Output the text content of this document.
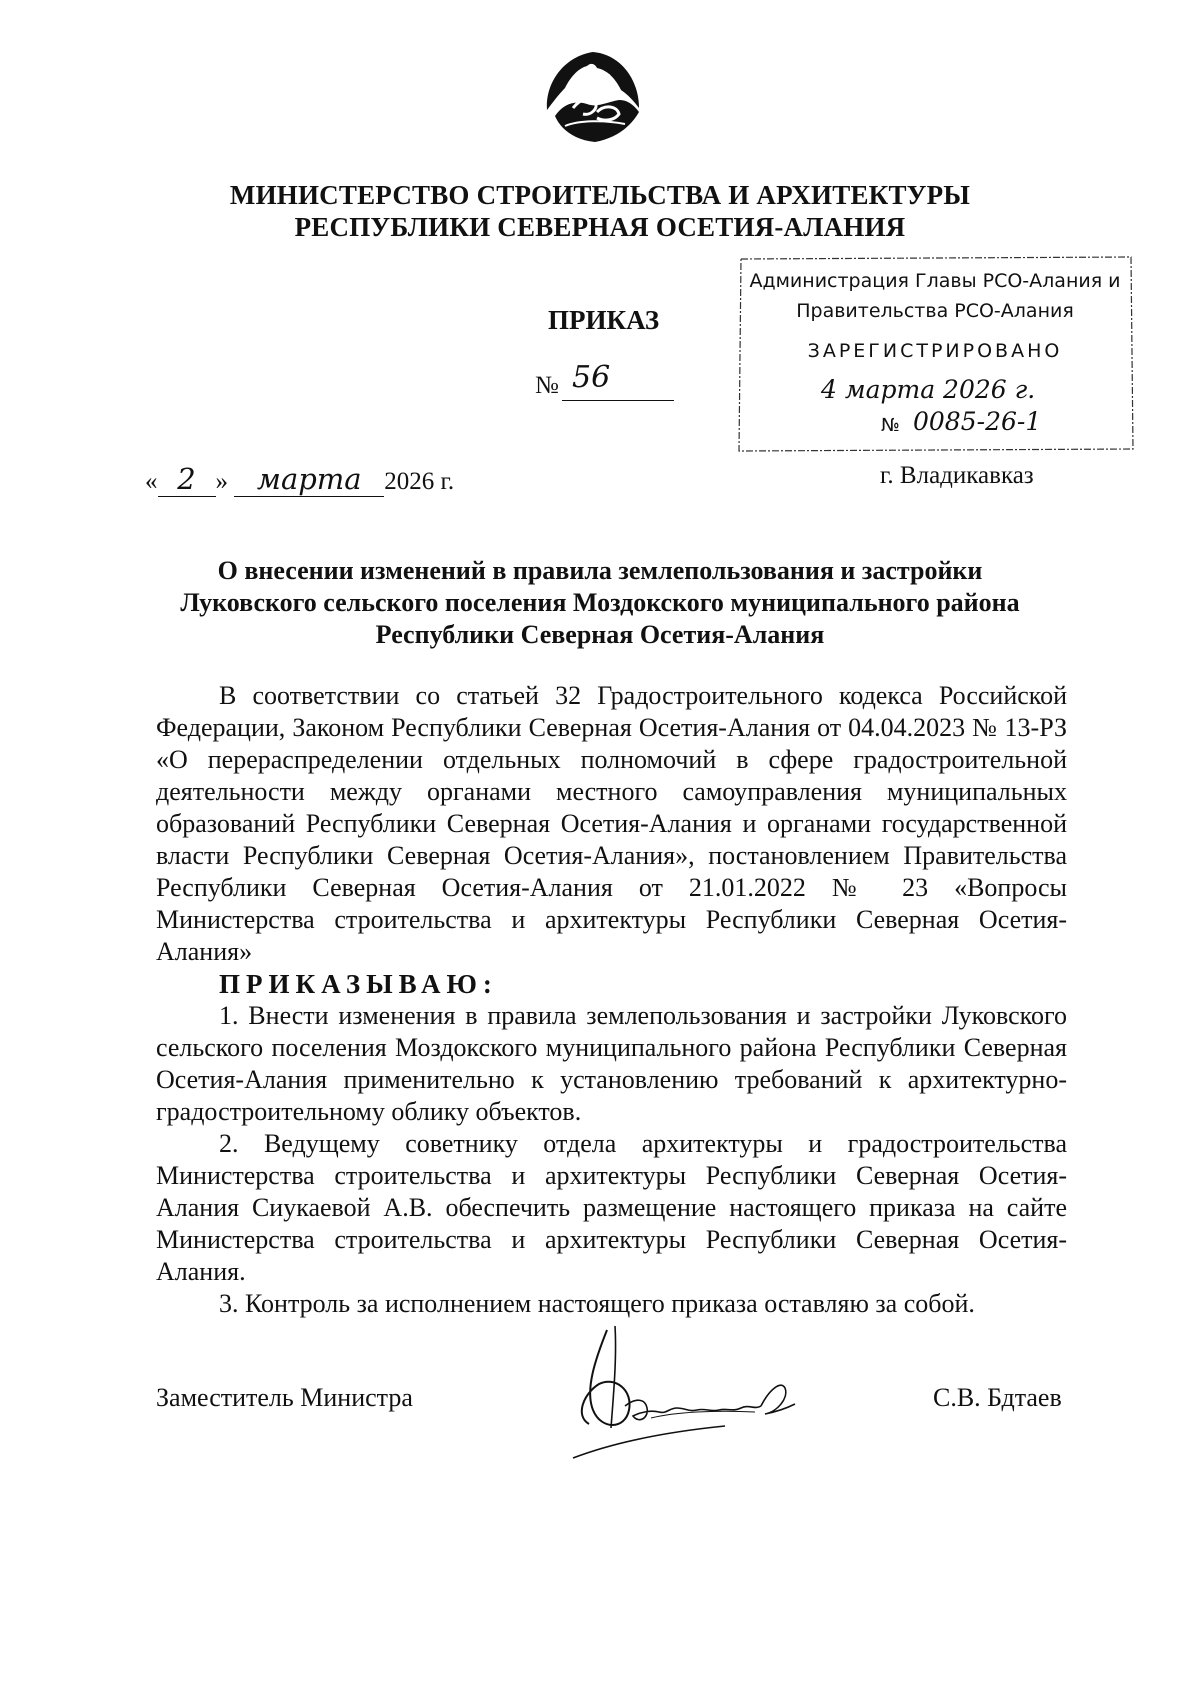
МИНИСТЕРСТВО СТРОИТЕЛЬСТВА И АРХИТЕКТУРЫ
РЕСПУБЛИКИ СЕВЕРНАЯ ОСЕТИЯ-АЛАНИЯ
Администрация Главы РСО-Алания и
Правительства РСО-Алания
ЗАРЕГИСТРИРОВАНО
4 марта 2026 г.
№ 0085-26-1
ПРИКАЗ
№ 56
« 2 » марта 2026 г.	г. Владикавказ
О внесении изменений в правила землепользования и застройки
Луковского сельского поселения Моздокского муниципального района
Республики Северная Осетия-Алания

В соответствии со статьей 32 Градостроительного кодекса Российской Федерации, Законом Республики Северная Осетия-Алания от 04.04.2023 № 13-РЗ «О перераспределении отдельных полномочий в сфере градостроительной деятельности между органами местного самоуправления муниципальных образований Республики Северная Осетия-Алания и органами государственной власти Республики Северная Осетия-Алания», постановлением Правительства Республики Северная Осетия-Алания от 21.01.2022 № 23 «Вопросы Министерства строительства и архитектуры Республики Северная Осетия-Алания»

ПРИКАЗЫВАЮ:

1. Внести изменения в правила землепользования и застройки Луковского сельского поселения Моздокского муниципального района Республики Северная Осетия-Алания применительно к установлению требований к архитектурно-градостроительному облику объектов.

2. Ведущему советнику отдела архитектуры и градостроительства Министерства строительства и архитектуры Республики Северная Осетия-Алания Сиукаевой А.В. обеспечить размещение настоящего приказа на сайте Министерства строительства и архитектуры Республики Северная Осетия-Алания.

3. Контроль за исполнением настоящего приказа оставляю за собой.

Заместитель Министра	С.В. Бдтаев
